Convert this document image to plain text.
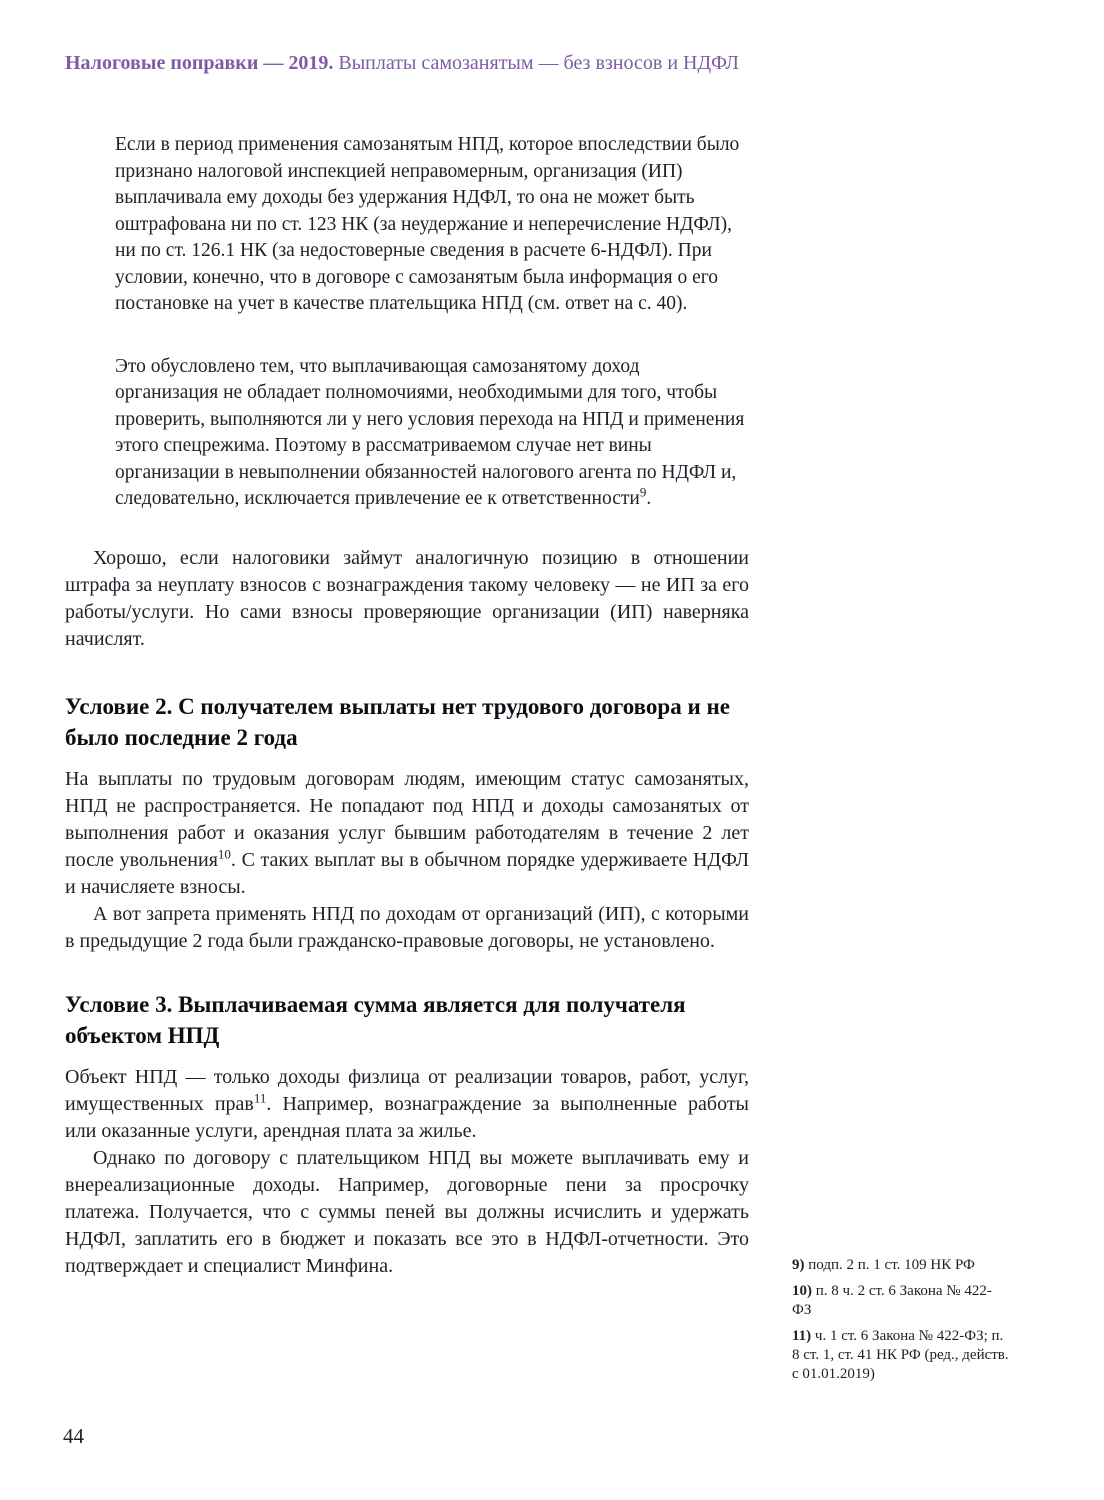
Налоговые поправки — 2019. Выплаты самозанятым — без взносов и НДФЛ
Если в период применения самозанятым НПД, которое впоследствии было признано налоговой инспекцией неправомерным, организация (ИП) выплачивала ему доходы без удержания НДФЛ, то она не может быть оштрафована ни по ст. 123 НК (за неудержание и неперечисление НДФЛ), ни по ст. 126.1 НК (за недостоверные сведения в расчете 6-НДФЛ). При условии, конечно, что в договоре с самозанятым была информация о его постановке на учет в качестве плательщика НПД (см. ответ на с. 40).
Это обусловлено тем, что выплачивающая самозанятому доход организация не обладает полномочиями, необходимыми для того, чтобы проверить, выполняются ли у него условия перехода на НПД и применения этого спецрежима. Поэтому в рассматриваемом случае нет вины организации в невыполнении обязанностей налогового агента по НДФЛ и, следовательно, исключается привлечение ее к ответственности$^9$.

Хорошо, если налоговики займут аналогичную позицию в отношении штрафа за неуплату взносов с вознаграждения такому человеку — не ИП за его работы/услуги. Но сами взносы проверяющие организации (ИП) наверняка начислят.

Условие 2. С получателем выплаты нет трудового договора и не было последние 2 года

На выплаты по трудовым договорам людям, имеющим статус самозанятых, НПД не распространяется. Не попадают под НПД и доходы самозанятых от выполнения работ и оказания услуг бывшим работодателям в течение 2 лет после увольнения$^{10}$. С таких выплат вы в обычном порядке удерживаете НДФЛ и начисляете взносы.

А вот запрета применять НПД по доходам от организаций (ИП), с которыми в предыдущие 2 года были гражданско-правовые договоры, не установлено.

Условие 3. Выплачиваемая сумма является для получателя объектом НПД

Объект НПД — только доходы физлица от реализации товаров, работ, услуг, имущественных прав$^{11}$. Например, вознаграждение за выполненные работы или оказанные услуги, арендная плата за жилье.

Однако по договору с плательщиком НПД вы можете выплачивать ему и внереализационные доходы. Например, договорные пени за просрочку платежа. Получается, что с суммы пеней вы должны исчислить и удержать НДФЛ, заплатить его в бюджет и показать все это в НДФЛ-отчетности. Это подтверждает и специалист Минфина.	9) подп. 2 п. 1 ст. 109 НК РФ
10) п. 8 ч. 2 ст. 6 Закона № 422-ФЗ
11) ч. 1 ст. 6 Закона № 422-ФЗ; п. 8 ст. 1, ст. 41 НК РФ (ред., действ. с 01.01.2019)
44
